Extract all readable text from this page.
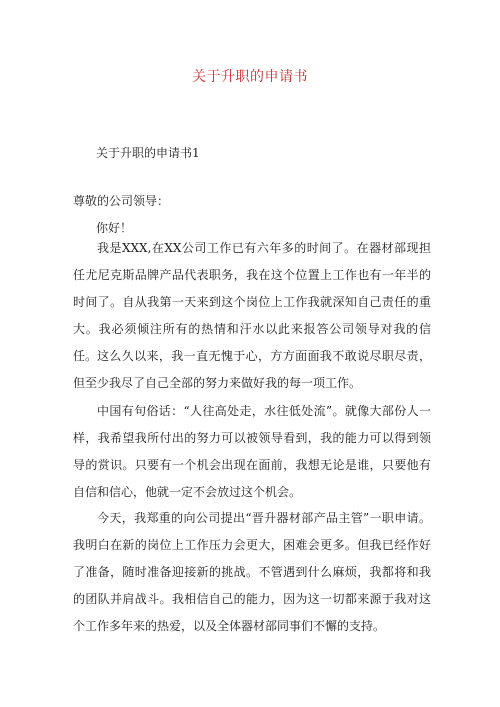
关于升职的申请书
关于升职的申请书1
尊敬的公司领导：
你好！

我是XXX,在XX公司工作已有六年多的时间了。在器材部现担任尤尼克斯品牌产品代表职务，我在这个位置上工作也有一年半的时间了。自从我第一天来到这个岗位上工作我就深知自己责任的重大。我必须倾注所有的热情和汗水以此来报答公司领导对我的信任。 这么久以来，我一直无愧于心，方方面面我不敢说尽职尽责，但至少我尽了自己全部的努力来做好我的每一项工作。

中国有句俗话：“人往高处走，水往低处流”。就像大部份人一样，我希望我所付出的努力可以被领导看到，我的能力可以得到领导的赏识。只要有一个机会出现在面前，我想无论是谁，只要他有自信和信心，他就一定不会放过这个机会。

今天，我郑重的向公司提出“晋升器材部产品主管”一职申请。我明白在新的岗位上工作压力会更大，困难会更多。但我已经作好了准备，随时准备迎接新的挑战。不管遇到什么麻烦，我都将和我的团队并肩战斗。我相信自己的能力，因为这一切都来源于我对这个工作多年来的热爱，以及全体器材部同事们不懈的支持。
